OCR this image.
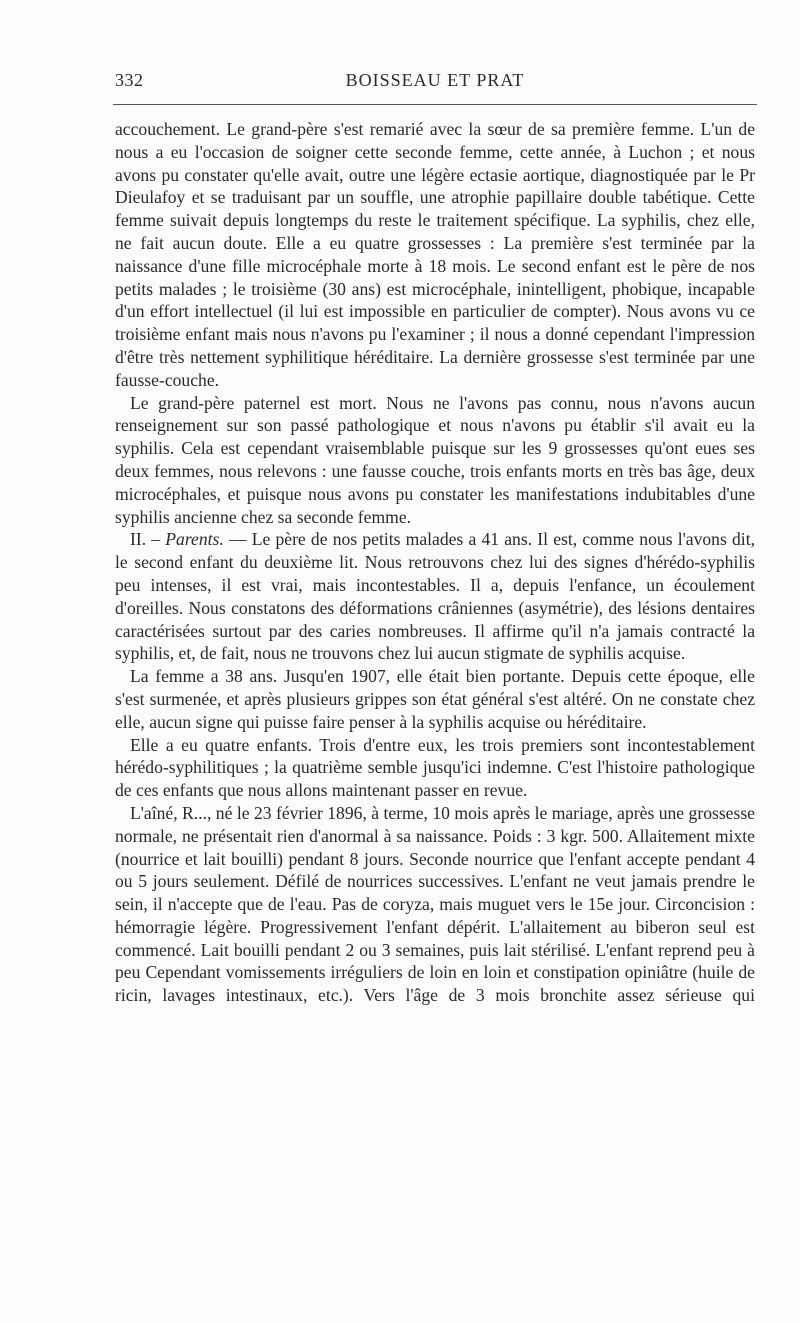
332	BOISSEAU ET PRAT

accouchement. Le grand-père s'est remarié avec la sœur de sa première femme. L'un de nous a eu l'occasion de soigner cette seconde femme, cette année, à Luchon ; et nous avons pu constater qu'elle avait, outre une légère ectasie aortique, diagnostiquée par le Pr Dieulafoy et se traduisant par un souffle, une atrophie papillaire double tabétique. Cette femme suivait depuis longtemps du reste le traitement spécifique. La syphilis, chez elle, ne fait aucun doute. Elle a eu quatre grossesses : La première s'est terminée par la naissance d'une fille microcéphale morte à 18 mois. Le second enfant est le père de nos petits malades ; le troisième (30 ans) est microcéphale, inintelligent, phobique, incapable d'un effort intellectuel (il lui est impossible en particulier de compter). Nous avons vu ce troisième enfant mais nous n'avons pu l'examiner ; il nous a donné cependant l'impression d'être très nettement syphilitique héréditaire. La dernière grossesse s'est terminée par une fausse-couche.

Le grand-père paternel est mort. Nous ne l'avons pas connu, nous n'avons aucun renseignement sur son passé pathologique et nous n'avons pu établir s'il avait eu la syphilis. Cela est cependant vraisemblable puisque sur les 9 grossesses qu'ont eues ses deux femmes, nous relevons : une fausse couche, trois enfants morts en très bas âge, deux microcéphales, et puisque nous avons pu constater les manifestations indubitables d'une syphilis ancienne chez sa seconde femme.

II. – Parents. — Le père de nos petits malades a 41 ans. Il est, comme nous l'avons dit, le second enfant du deuxième lit. Nous retrouvons chez lui des signes d'hérédo-syphilis peu intenses, il est vrai, mais incontestables. Il a, depuis l'enfance, un écoulement d'oreilles. Nous constatons des déformations crâniennes (asymétrie), des lésions dentaires caractérisées surtout par des caries nombreuses. Il affirme qu'il n'a jamais contracté la syphilis, et, de fait, nous ne trouvons chez lui aucun stigmate de syphilis acquise.

La femme a 38 ans. Jusqu'en 1907, elle était bien portante. Depuis cette époque, elle s'est surmenée, et après plusieurs grippes son état général s'est altéré. On ne constate chez elle, aucun signe qui puisse faire penser à la syphilis acquise ou héréditaire.

Elle a eu quatre enfants. Trois d'entre eux, les trois premiers sont incontestablement hérédo-syphilitiques ; la quatrième semble jusqu'ici indemne. C'est l'histoire pathologique de ces enfants que nous allons maintenant passer en revue.

L'aîné, R..., né le 23 février 1896, à terme, 10 mois après le mariage, après une grossesse normale, ne présentait rien d'anormal à sa naissance. Poids : 3 kgr. 500. Allaitement mixte (nourrice et lait bouilli) pendant 8 jours. Seconde nourrice que l'enfant accepte pendant 4 ou 5 jours seulement. Défilé de nourrices successives. L'enfant ne veut jamais prendre le sein, il n'accepte que de l'eau. Pas de coryza, mais muguet vers le 15e jour. Circoncision : hémorragie légère. Progressivement l'enfant dépérit. L'allaitement au biberon seul est commencé. Lait bouilli pendant 2 ou 3 semaines, puis lait stérilisé. L'enfant reprend peu à peu Cependant vomissements irréguliers de loin en loin et constipation opiniâtre (huile de ricin, lavages intestinaux, etc.). Vers l'âge de 3 mois bronchite assez sérieuse qui
